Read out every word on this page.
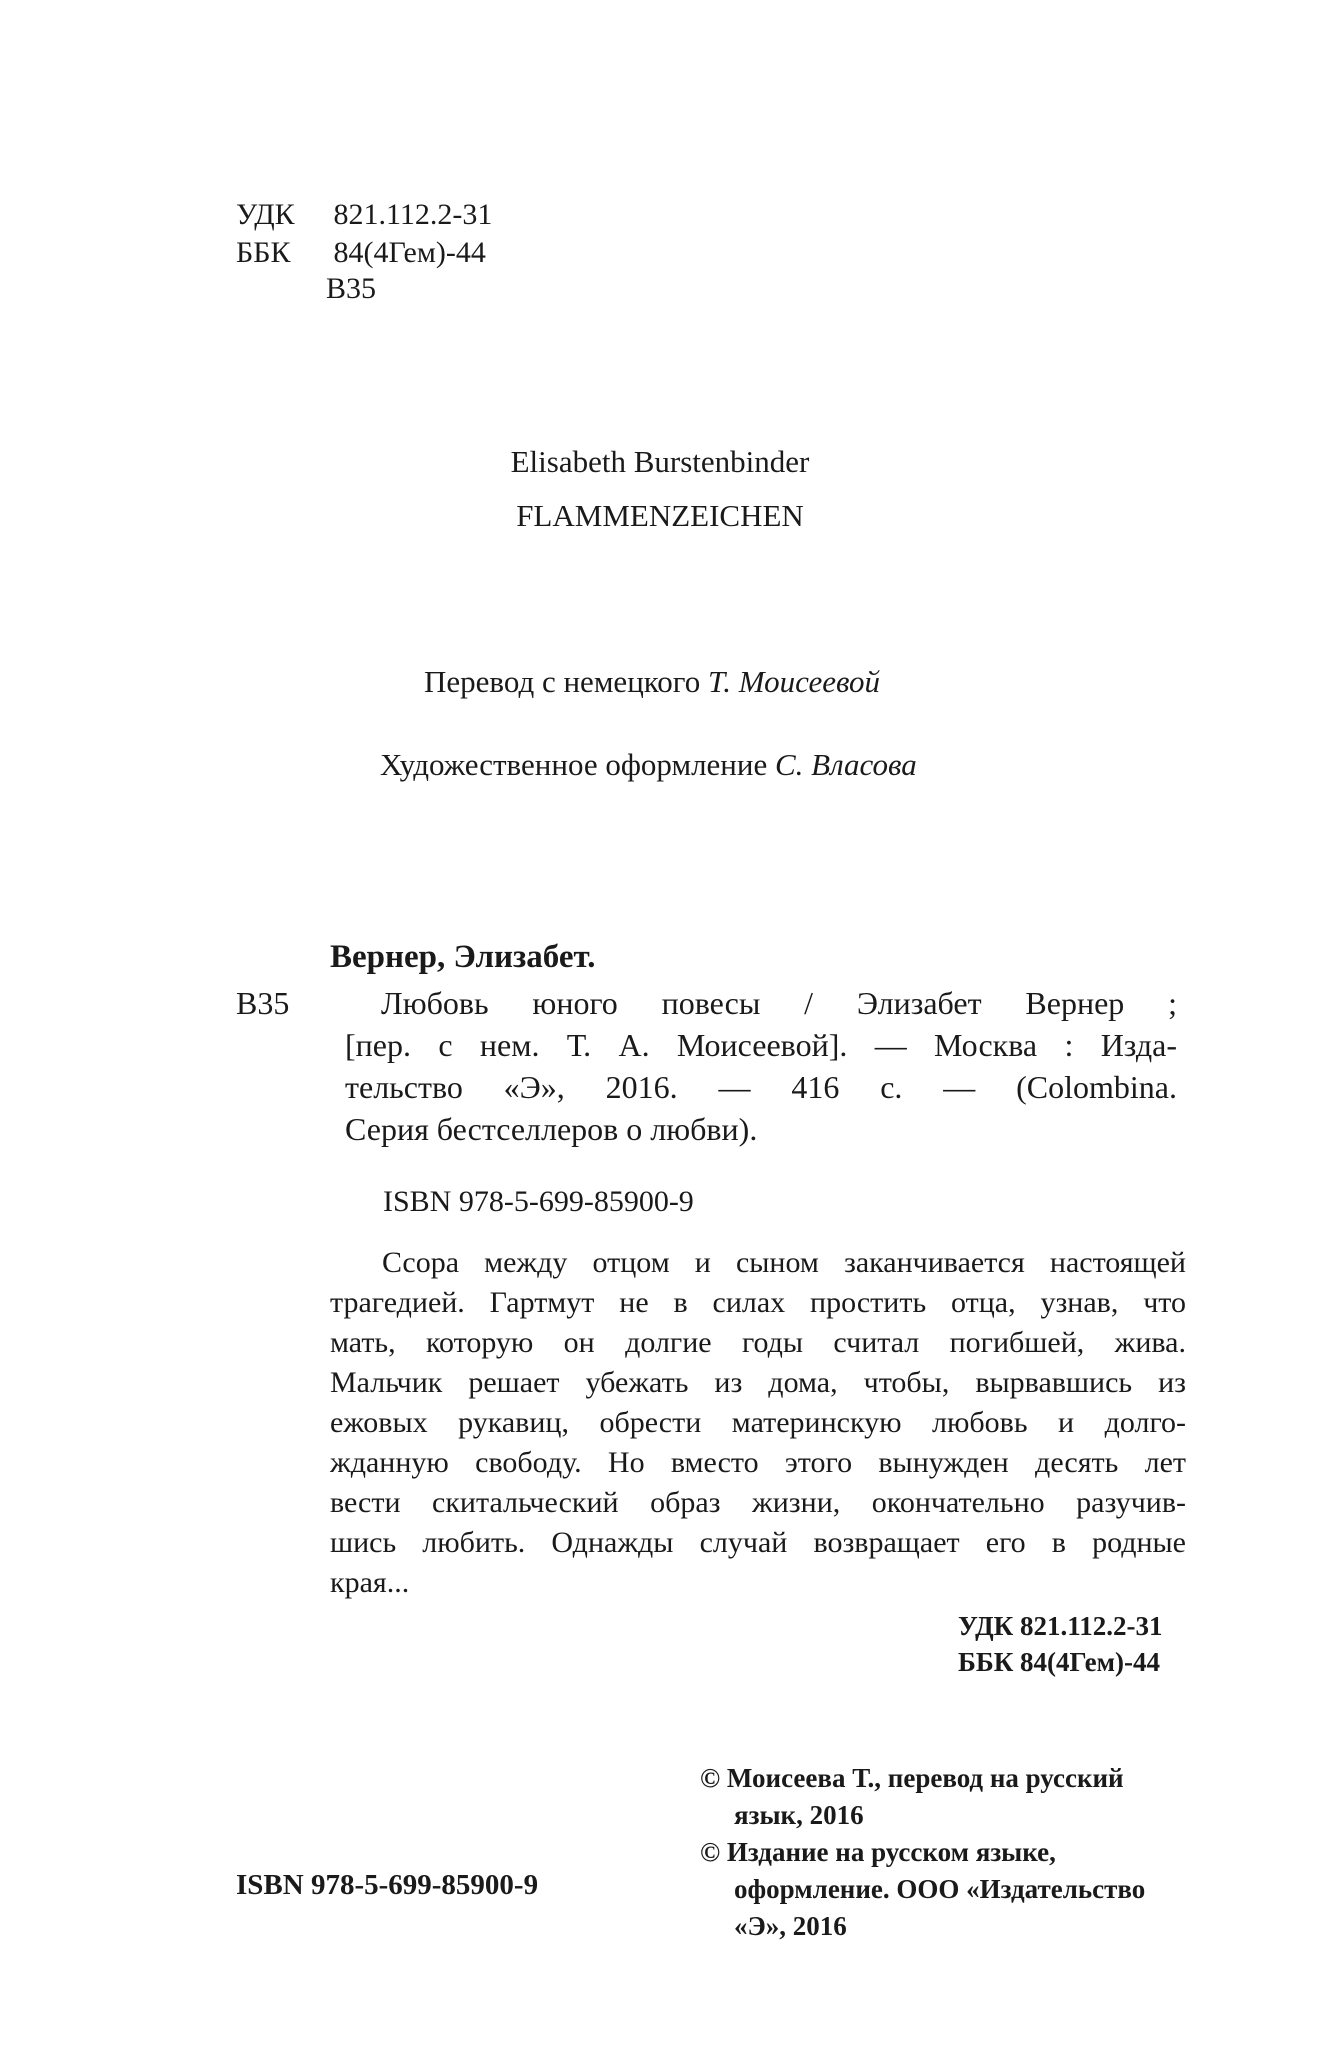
УДК 821.112.2-31
ББК 84(4Гем)-44
В35
Elisabeth Burstenbinder
FLAMMENZEICHEN
Перевод с немецкого Т. Моисеевой
Художественное оформление С. Власова
Вернер, Элизабет.
В35	Любовь юного повесы / Элизабет Вернер ;
[пер. с нем. Т. А. Моисеевой]. — Москва : Изда-
тельство «Э», 2016. — 416 с. — (Colombina.
Серия бестселлеров о любви).
ISBN 978-5-699-85900-9
Ссора между отцом и сыном заканчивается настоящей
трагедией. Гартмут не в силах простить отца, узнав, что
мать, которую он долгие годы считал погибшей, жива.
Мальчик решает убежать из дома, чтобы, вырвавшись из
ежовых рукавиц, обрести материнскую любовь и долго-
жданную свободу. Но вместо этого вынужден десять лет
вести скитальческий образ жизни, окончательно разучив-
шись любить. Однажды случай возвращает его в родные
края...
УДК 821.112.2-31
ББК 84(4Гем)-44
© Моисеева Т., перевод на русский
язык, 2016
© Издание на русском языке,
оформление. ООО «Издательство
«Э», 2016
ISBN 978-5-699-85900-9
